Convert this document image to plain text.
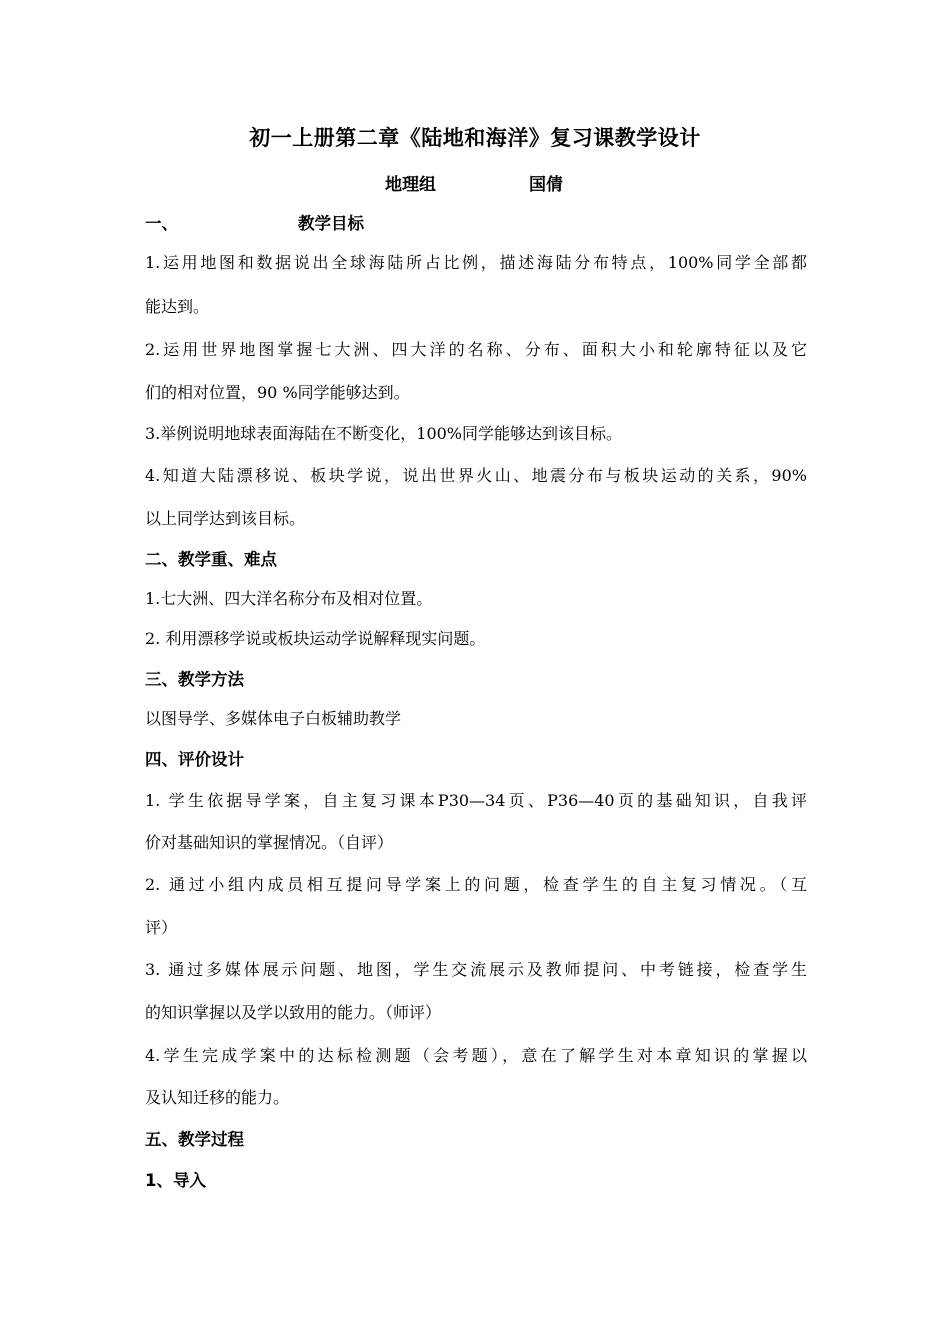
初一上册第二章《陆地和海洋》复习课教学设计
地理组	国倩
一、	教学目标
1.运用地图和数据说出全球海陆所占比例，描述海陆分布特点，100%同学全部都
能达到。
2.运用世界地图掌握七大洲、四大洋的名称、分布、面积大小和轮廓特征以及它
们的相对位置，90 %同学能够达到。
3.举例说明地球表面海陆在不断变化，100%同学能够达到该目标。
4.知道大陆漂移说、板块学说，说出世界火山、地震分布与板块运动的关系，90%
以上同学达到该目标。
二、教学重、难点
1.七大洲、四大洋名称分布及相对位置。
2. 利用漂移学说或板块运动学说解释现实问题。
三、教学方法
以图导学、多媒体电子白板辅助教学
四、评价设计
1. 学生依据导学案，自主复习课本P30—34页、P36—40页的基础知识，自我评
价对基础知识的掌握情况。（自评）
2. 通过小组内成员相互提问导学案上的问题，检查学生的自主复习情况。（互
评）
3. 通过多媒体展示问题、地图，学生交流展示及教师提问、中考链接，检查学生
的知识掌握以及学以致用的能力。（师评）
4.学生完成学案中的达标检测题（会考题），意在了解学生对本章知识的掌握以
及认知迁移的能力。
五、教学过程
1、导入
